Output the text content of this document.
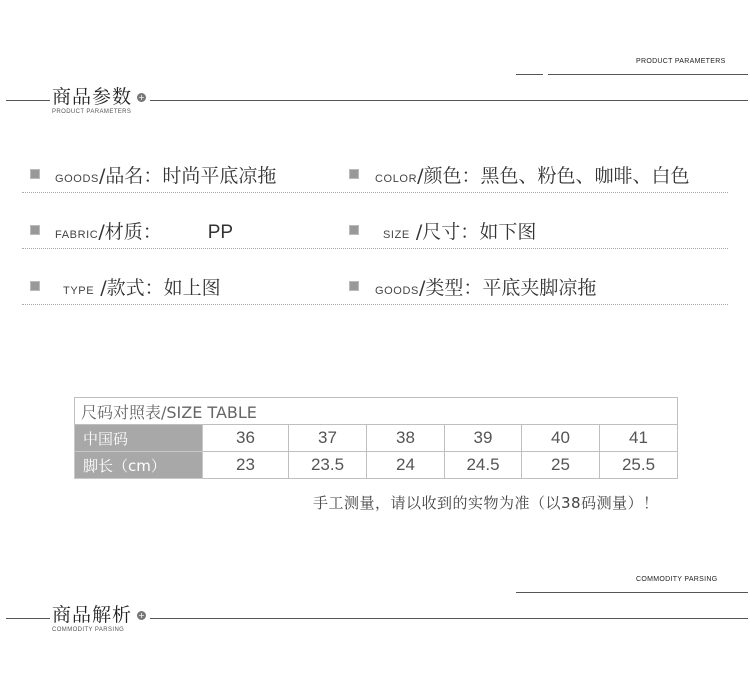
PRODUCT PARAMETERS
商品参数 +
PRODUCT PARAMETERS
GOODS/品名：时尚平底凉拖	COLOR/颜色：黑色、粉色、咖啡、白色
FABRIC/材质： PP	SIZE /尺寸：如下图
TYPE /款式：如上图	GOODS/类型：平底夹脚凉拖
尺码对照表/SIZE TABLE						
中国码	36	37	38	39	40	41
脚长（cm）	23	23.5	24	24.5	25	25.5
手工测量，请以收到的实物为准（以38码测量）！
COMMODITY PARSING
商品解析 +
COMMODITY PARSING
